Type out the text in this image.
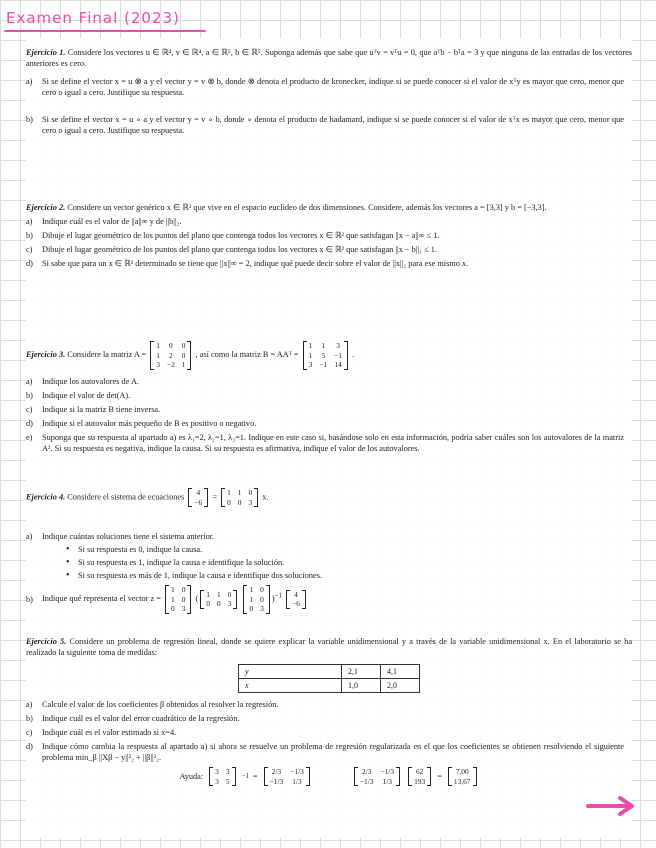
Examen Final (2023)

Ejercicio 1. Considere los vectores u ∈ ℝ⁴, v ∈ ℝ⁴, a ∈ ℝ⁵, b ∈ ℝ⁵. Suponga además que sabe que uᵀv = vᵀu = 0, que aᵀb − bᵀa = 3 y que ninguna de las entradas de los vectores anteriores es cero.

a)	Si se define el vector x = u ⊗ a y el vector y = v ⊗ b, donde ⊗ denota el producto de kronecker, indique si se puede conocer si el valor de xᵀy es mayor que cero, menor que cero o igual a cero. Justifique su respuesta.
b)	Si se define el vector x = u ∘ a y el vector y = v ∘ b, donde ∘ denota el producto de hadamard, indique si se puede conocer si el valor de xᵀx es mayor que cero, menor que cero o igual a cero. Justifique su respuesta.

Ejercicio 2. Considere un vector genérico x ∈ ℝ² que vive en el espacio euclídeo de dos dimensiones. Considere, además los vectores a = [3,3] y b = [−3,3].

a)	Indique cuál es el valor de ||a||∞ y de ||b||₂.
b)	Dibuje el lugar geométrico de los puntos del plano que contenga todos los vectores x ∈ ℝ² que satisfagan ||x − a||∞ ≤ 1.
c)	Dibuje el lugar geométrico de los puntos del plano que contenga todos los vectores x ∈ ℝ² que satisfagan ||x − b||₁ ≤ 1.
d)	Si sabe que para un x ∈ ℝ² determinado se tiene que ||x||∞ = 2, indique qué puede decir sobre el valor de ||x||₂ para ese mismo x.

Ejercicio 3. Considere la matriz A =
1 0 0
1 2 0
3 −2 1
, así como la matriz B = AAᵀ =
1 1 3
1 5 −1
3 −1 14
.

a)	Indique los autovalores de A.
b)	Indique el valor de det(A).
c)	Indique si la matriz B tiene inversa.
d)	Indique si el autovalor más pequeño de B es positivo o negativo.
e)	Suponga que su respuesta al apartado a) es λ₁=2, λ₂=1, λ₃=1. Indique en este caso si, basándose solo en esta información, podría saber cuáles son los autovalores de la matriz A². Si su respuesta es negativa, indique la causa. Si su respuesta es afirmativa, indique el valor de los autovalores.

Ejercicio 4. Considere el sistema de ecuaciones 4
−6
= 1 1 0
0 0 3
x.

a)	Indique cuántas soluciones tiene el sistema anterior.
• Si su respuesta es 0, indique la causa.
• Si su respuesta es 1, indique la causa e identifique la solución.
• Si su respuesta es más de 1, indique la causa e identifique dos soluciones.
b)	Indique qué representa el vector z =
1 0
1 0
0 3
( 1 1 0
0 0 3

1 0
1 0
0 3
)$^{-1}$ 4
−6

Ejercicio 5. Considere un problema de regresión lineal, donde se quiere explicar la variable unidimensional y a través de la variable unidimensional x. En el laboratorio se ha realizado la siguiente toma de medidas:

y	2,1	4,1
x	1,0	2,0
a)	Calcule el valor de los coeficientes β obtenidos al resolver la regresión.
b)	Indique cuál es el valor del error cuadrático de la regresión.
c)	Indique cuál es el valor estimado si x=4.
d)	Indique cómo cambia la respuesta al apartado a) si ahora se resuelve un problema de regresión regularizada en el que los coeficientes se obtienen resolviendo el siguiente problema min_β ||Xβ − y||²₂ + ||β||²₂.
Ayuda:
3 3
3 5 −1 =
2/3 −1/3
−1/3 1/3
2/3 −1/3
−1/3 1/3
62
193 =
7,00
13,67
